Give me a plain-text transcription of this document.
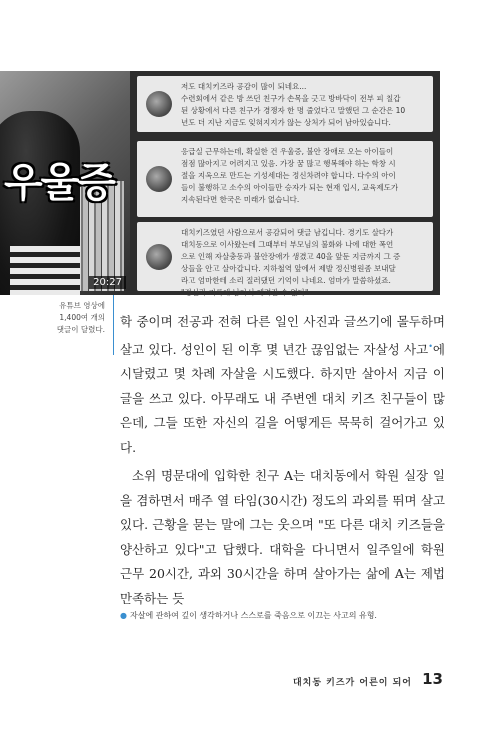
우울증
20:27
저도 대치키즈라 공감이 많이 되네요...
수련회에서 같은 방 쓰던 친구가 손목을 긋고 방바닥이 전부 피 칠갑
된 상황에서 다른 친구가 경쟁자 한 명 줄었다고 말했던 그 순간은 10
년도 더 지난 지금도 잊혀지지가 않는 상처가 되어 남아있습니다.
응급실 근무하는데, 확실한 건 우울증, 불안 장애로 오는 아이들이
점점 많아지고 어려지고 있음. 가장 꿈 많고 행복해야 하는 학창 시
절을 지옥으로 만드는 기성세대는 정신차려야 합니다. 다수의 아이
들이 불행하고 소수의 아이들만 승자가 되는 현재 입시, 교육제도가
지속된다면 한국은 미래가 없습니다.
대치키즈였던 사람으로서 공감되어 댓글 남깁니다. 경기도 살다가
대치동으로 이사왔는데 그때부터 부모님의 불화와 나에 대한 폭언
으로 인해 자살충동과 불안장애가 생겼고 40을 앞둔 지금까지 그 증
상들을 안고 살아갑니다. 지하철역 앞에서 제발 정신병원좀 보내달
라고 엄마한테 소리 질러댔던 기억이 나네요. 엄마가 말씀하셨죠.
"정신과 기록에 남아서 데려갈 수 없다".
유튜브 영상에
1,400여 개의
댓글이 달렸다.

학 중이며 전공과 전혀 다른 일인 사진과 글쓰기에 몰두하며 살고 있다. 성인이 된 이후 몇 년간 끊임없는 자살성 사고•에 시달렸고 몇 차례 자살을 시도했다. 하지만 살아서 지금 이 글을 쓰고 있다. 아무래도 내 주변엔 대치 키즈 친구들이 많은데, 그들 또한 자신의 길을 어떻게든 묵묵히 걸어가고 있다.

소위 명문대에 입학한 친구 A는 대치동에서 학원 실장 일을 겸하면서 매주 열 타임(30시간) 정도의 과외를 뛰며 살고 있다. 근황을 묻는 말에 그는 웃으며 "또 다른 대치 키즈들을 양산하고 있다"고 답했다. 대학을 다니면서 일주일에 학원 근무 20시간, 과외 30시간을 하며 살아가는 삶에 A는 제법 만족하는 듯

● 자살에 관하여 깊이 생각하거나 스스로를 죽음으로 이끄는 사고의 유형.
대치동 키즈가 어른이 되어 13
